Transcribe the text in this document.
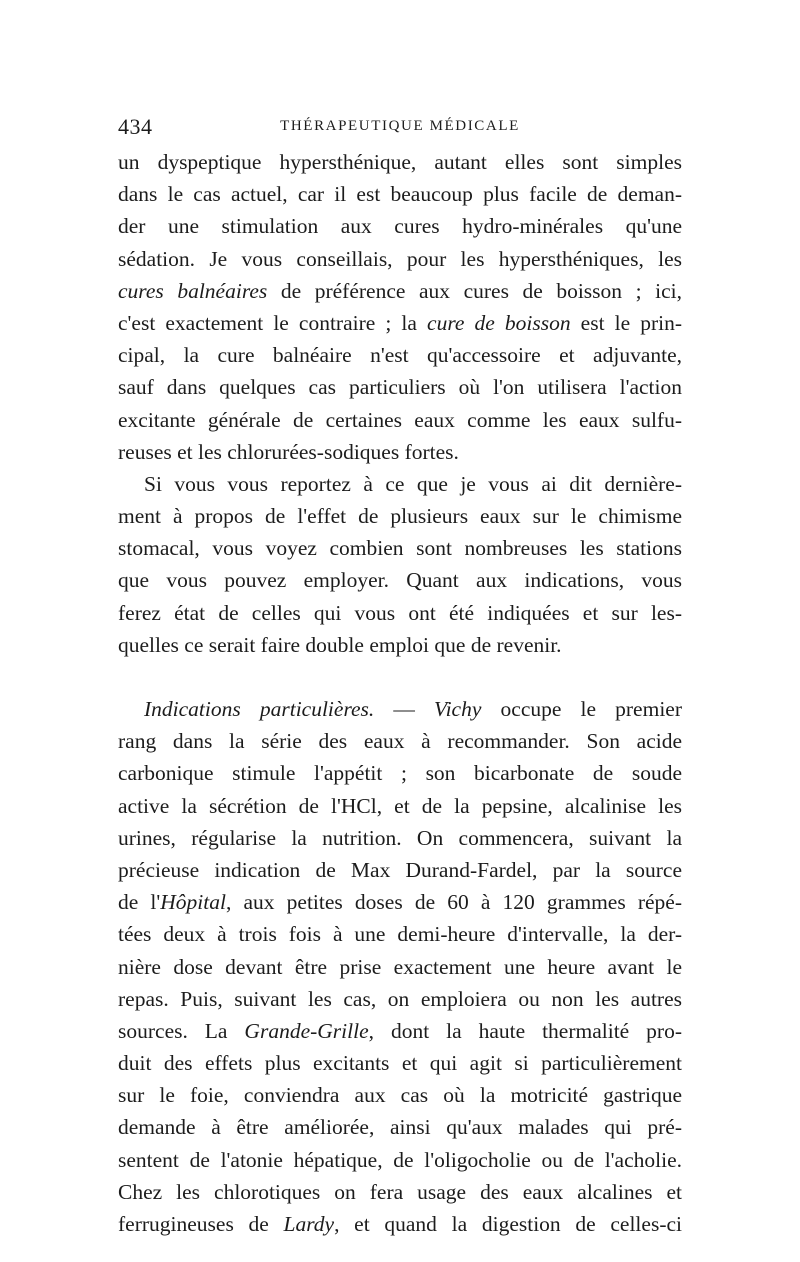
434	THÉRAPEUTIQUE MÉDICALE
un dyspeptique hypersthénique, autant elles sont simples
dans le cas actuel, car il est beaucoup plus facile de deman-
der une stimulation aux cures hydro-minérales qu'une
sédation. Je vous conseillais, pour les hypersthéniques, les
cures balnéaires de préférence aux cures de boisson ; ici,
c'est exactement le contraire ; la cure de boisson est le prin-
cipal, la cure balnéaire n'est qu'accessoire et adjuvante,
sauf dans quelques cas particuliers où l'on utilisera l'action
excitante générale de certaines eaux comme les eaux sulfu-
reuses et les chlorurées-sodiques fortes.
Si vous vous reportez à ce que je vous ai dit dernière-
ment à propos de l'effet de plusieurs eaux sur le chimisme
stomacal, vous voyez combien sont nombreuses les stations
que vous pouvez employer. Quant aux indications, vous
ferez état de celles qui vous ont été indiquées et sur les-
quelles ce serait faire double emploi que de revenir.
Indications particulières. — Vichy occupe le premier
rang dans la série des eaux à recommander. Son acide
carbonique stimule l'appétit ; son bicarbonate de soude
active la sécrétion de l'HCl, et de la pepsine, alcalinise les
urines, régularise la nutrition. On commencera, suivant la
précieuse indication de Max Durand-Fardel, par la source
de l'Hôpital, aux petites doses de 60 à 120 grammes répé-
tées deux à trois fois à une demi-heure d'intervalle, la der-
nière dose devant être prise exactement une heure avant le
repas. Puis, suivant les cas, on emploiera ou non les autres
sources. La Grande-Grille, dont la haute thermalité pro-
duit des effets plus excitants et qui agit si particulièrement
sur le foie, conviendra aux cas où la motricité gastrique
demande à être améliorée, ainsi qu'aux malades qui pré-
sentent de l'atonie hépatique, de l'oligocholie ou de l'acholie.
Chez les chlorotiques on fera usage des eaux alcalines et
ferrugineuses de Lardy, et quand la digestion de celles-ci
